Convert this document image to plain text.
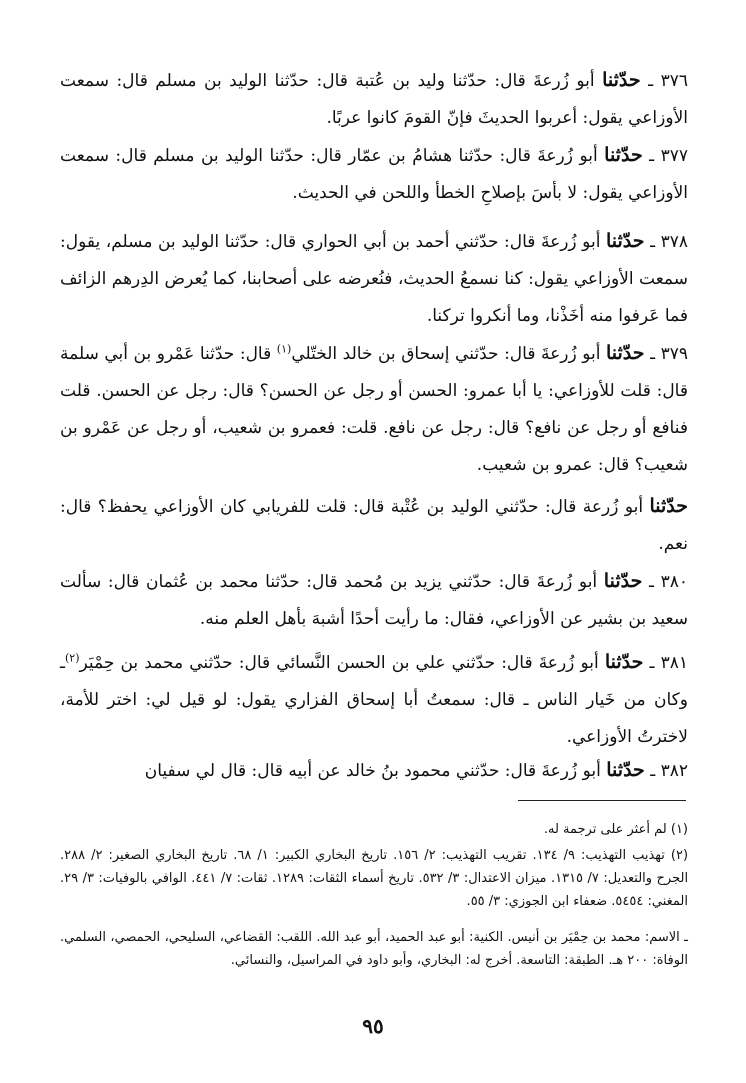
٣٧٦ ـ حدّثنا أبو زُرعةَ قال: حدّثنا وليد بن عُتبة قال: حدّثنا الوليد بن مسلم قال: سمعت الأوزاعي يقول: أعربوا الحديثَ فإنّ القومَ كانوا عربًا.

٣٧٧ ـ حدّثنا أبو زُرعةَ قال: حدّثنا هشامُ بن عمّار قال: حدّثنا الوليد بن مسلم قال: سمعت الأوزاعي يقول: لا بأسَ بإصلاحِ الخطأ واللحن في الحديث.

٣٧٨ ـ حدّثنا أبو زُرعةَ قال: حدّثني أحمد بن أبي الحواري قال: حدّثنا الوليد بن مسلم، يقول: سمعت الأوزاعي يقول: كنا نسمعُ الحديث، فنُعرضه على أصحابنا، كما يُعرض الدِرهم الزائف فما عَرفوا منه أخَذْنا، وما أنكروا تركنا.

٣٧٩ ـ حدّثنا أبو زُرعةَ قال: حدّثني إسحاق بن خالد الختّلي$^{(١)}$ قال: حدّثنا عَمْرو بن أبي سلمة قال: قلت للأوزاعي: يا أبا عمرو: الحسن أو رجل عن الحسن؟ قال: رجل عن الحسن. قلت فنافع أو رجل عن نافع؟ قال: رجل عن نافع. قلت: فعمرو بن شعيب، أو رجل عن عَمْرو بن شعيب؟ قال: عمرو بن شعيب.

حدّثنا أبو زُرعة قال: حدّثني الوليد بن عُتْبة قال: قلت للفريابي كان الأوزاعي يحفظ؟ قال: نعم.

٣٨٠ ـ حدّثنا أبو زُرعةَ قال: حدّثني يزيد بن مُحمد قال: حدّثنا محمد بن عُثمان قال: سألت سعيد بن بشير عن الأوزاعي، فقال: ما رأيت أحدًا أشبهَ بأهل العلم منه.

٣٨١ ـ حدّثنا أبو زُرعةَ قال: حدّثني علي بن الحسن النَّسائي قال: حدّثني محمد بن حِمْيَر$^{(٢)}$ـ وكان من خَيار الناس ـ قال: سمعتُ أبا إسحاق الفزاري يقول: لو قيل لي: اختر للأمة، لاخترتُ الأوزاعي.

٣٨٢ ـ حدّثنا أبو زُرعةَ قال: حدّثني محمود بنُ خالد عن أبيه قال: قال لي سفيان

(١) لم أعثر على ترجمة له.

(٢) تهذيب التهذيب: ٩/ ١٣٤. تقريب التهذيب: ٢/ ١٥٦. تاريخ البخاري الكبير: ١/ ٦٨. تاريخ البخاري الصغير: ٢/ ٢٨٨. الجرح والتعديل: ٧/ ١٣١٥. ميزان الاعتدال: ٣/ ٥٣٢. تاريخ أسماء الثقات: ١٢٨٩. ثقات: ٧/ ٤٤١. الوافي بالوفيات: ٣/ ٢٩. المغني: ٥٤٥٤. ضعفاء ابن الجوزي: ٣/ ٥٥.

ـ الاسم: محمد بن حِمْيَر بن أنيس. الكنية: أبو عبد الحميد، أبو عبد الله. اللقب: القضاعي، السليحي، الحمصي، السلمي. الوفاة: ٢٠٠ هـ. الطبقة: التاسعة. أخرج له: البخاري، وأبو داود في المراسيل، والنسائي.

٩٥
